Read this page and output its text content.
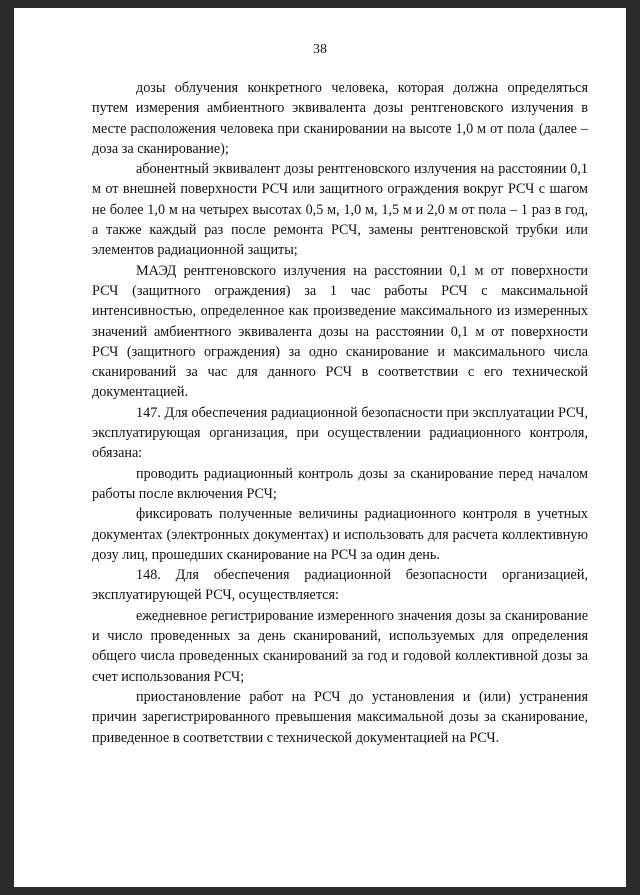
38

дозы облучения конкретного человека, которая должна определяться путем измерения амбиентного эквивалента дозы рентгеновского излучения в месте расположения человека при сканировании на высоте 1,0 м от пола (далее – доза за сканирование);

абонентный эквивалент дозы рентгеновского излучения на расстоянии 0,1 м от внешней поверхности РСЧ или защитного ограждения вокруг РСЧ с шагом не более 1,0 м на четырех высотах 0,5 м, 1,0 м, 1,5 м и 2,0 м от пола – 1 раз в год, а также каждый раз после ремонта РСЧ, замены рентгеновской трубки или элементов радиационной защиты;

МАЭД рентгеновского излучения на расстоянии 0,1 м от поверхности РСЧ (защитного ограждения) за 1 час работы РСЧ с максимальной интенсивностью, определенное как произведение максимального из измеренных значений амбиентного эквивалента дозы на расстоянии 0,1 м от поверхности РСЧ (защитного ограждения) за одно сканирование и максимального числа сканирований за час для данного РСЧ в соответствии с его технической документацией.

147. Для обеспечения радиационной безопасности при эксплуатации РСЧ, эксплуатирующая организация, при осуществлении радиационного контроля, обязана:

проводить радиационный контроль дозы за сканирование перед началом работы после включения РСЧ;

фиксировать полученные величины радиационного контроля в учетных документах (электронных документах) и использовать для расчета коллективную дозу лиц, прошедших сканирование на РСЧ за один день.

148. Для обеспечения радиационной безопасности организацией, эксплуатирующей РСЧ, осуществляется:

ежедневное регистрирование измеренного значения дозы за сканирование и число проведенных за день сканирований, используемых для определения общего числа проведенных сканирований за год и годовой коллективной дозы за счет использования РСЧ;

приостановление работ на РСЧ до установления и (или) устранения причин зарегистрированного превышения максимальной дозы за сканирование, приведенное в соответствии с технической документацией на РСЧ.
